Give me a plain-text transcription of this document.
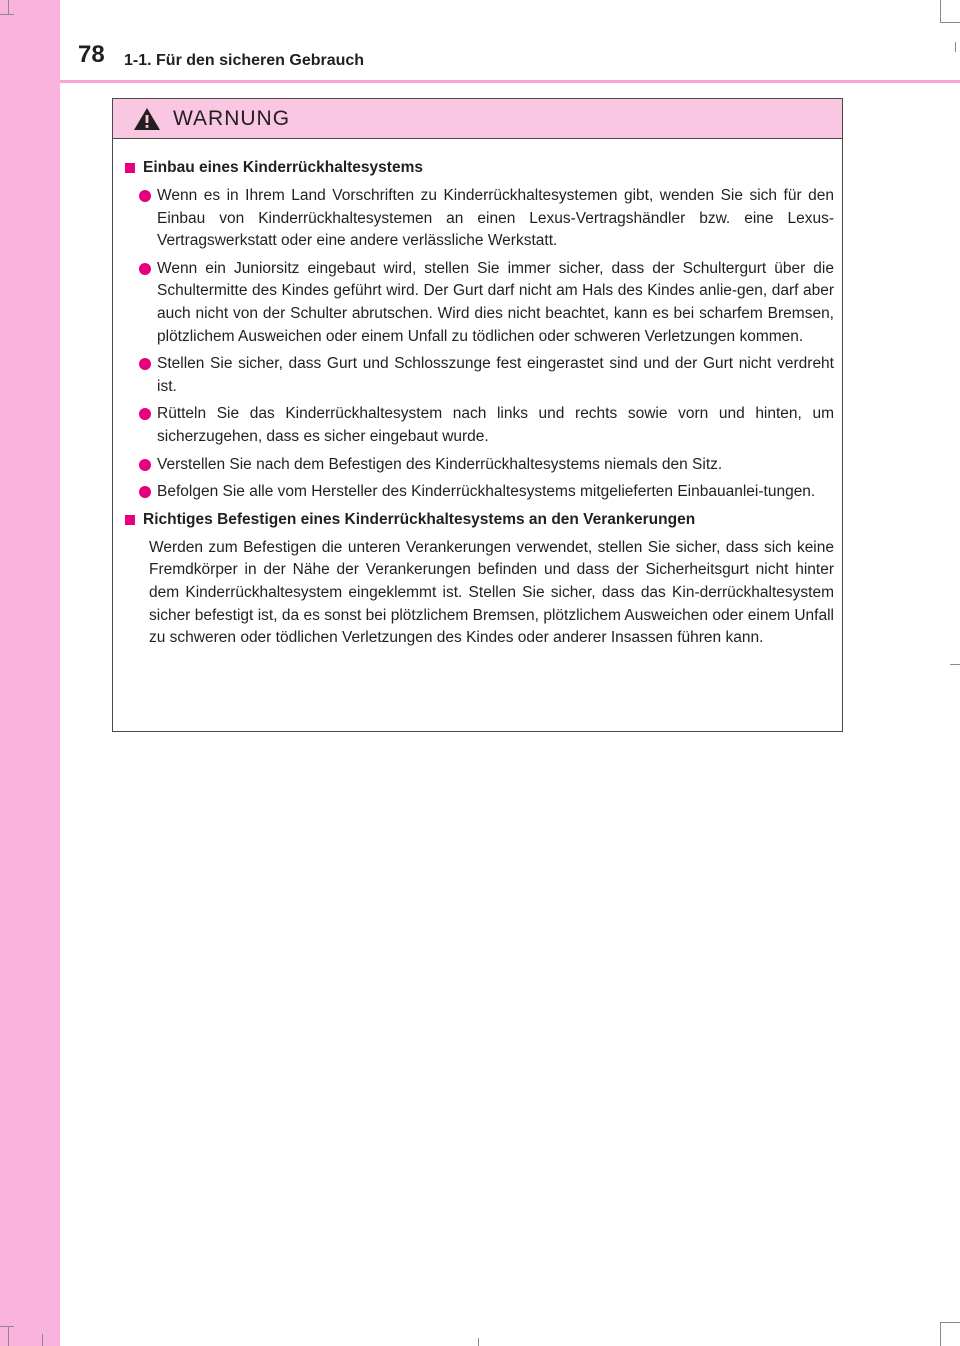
78 1-1. Für den sicheren Gebrauch
WARNUNG
Einbau eines Kinderrückhaltesystems
Wenn es in Ihrem Land Vorschriften zu Kinderrückhaltesystemen gibt, wenden Sie sich für den Einbau von Kinderrückhaltesystemen an einen Lexus-Vertragshändler bzw. eine Lexus-Vertragswerkstatt oder eine andere verlässliche Werkstatt.
Wenn ein Juniorsitz eingebaut wird, stellen Sie immer sicher, dass der Schultergurt über die Schultermitte des Kindes geführt wird. Der Gurt darf nicht am Hals des Kindes anlie-gen, darf aber auch nicht von der Schulter abrutschen. Wird dies nicht beachtet, kann es bei scharfem Bremsen, plötzlichem Ausweichen oder einem Unfall zu tödlichen oder schweren Verletzungen kommen.
Stellen Sie sicher, dass Gurt und Schlosszunge fest eingerastet sind und der Gurt nicht verdreht ist.
Rütteln Sie das Kinderrückhaltesystem nach links und rechts sowie vorn und hinten, um sicherzugehen, dass es sicher eingebaut wurde.
Verstellen Sie nach dem Befestigen des Kinderrückhaltesystems niemals den Sitz.
Befolgen Sie alle vom Hersteller des Kinderrückhaltesystems mitgelieferten Einbauanlei-tungen.
Richtiges Befestigen eines Kinderrückhaltesystems an den Verankerungen
Werden zum Befestigen die unteren Verankerungen verwendet, stellen Sie sicher, dass sich keine Fremdkörper in der Nähe der Verankerungen befinden und dass der Sicherheitsgurt nicht hinter dem Kinderrückhaltesystem eingeklemmt ist. Stellen Sie sicher, dass das Kin-derrückhaltesystem sicher befestigt ist, da es sonst bei plötzlichem Bremsen, plötzlichem Ausweichen oder einem Unfall zu schweren oder tödlichen Verletzungen des Kindes oder anderer Insassen führen kann.
